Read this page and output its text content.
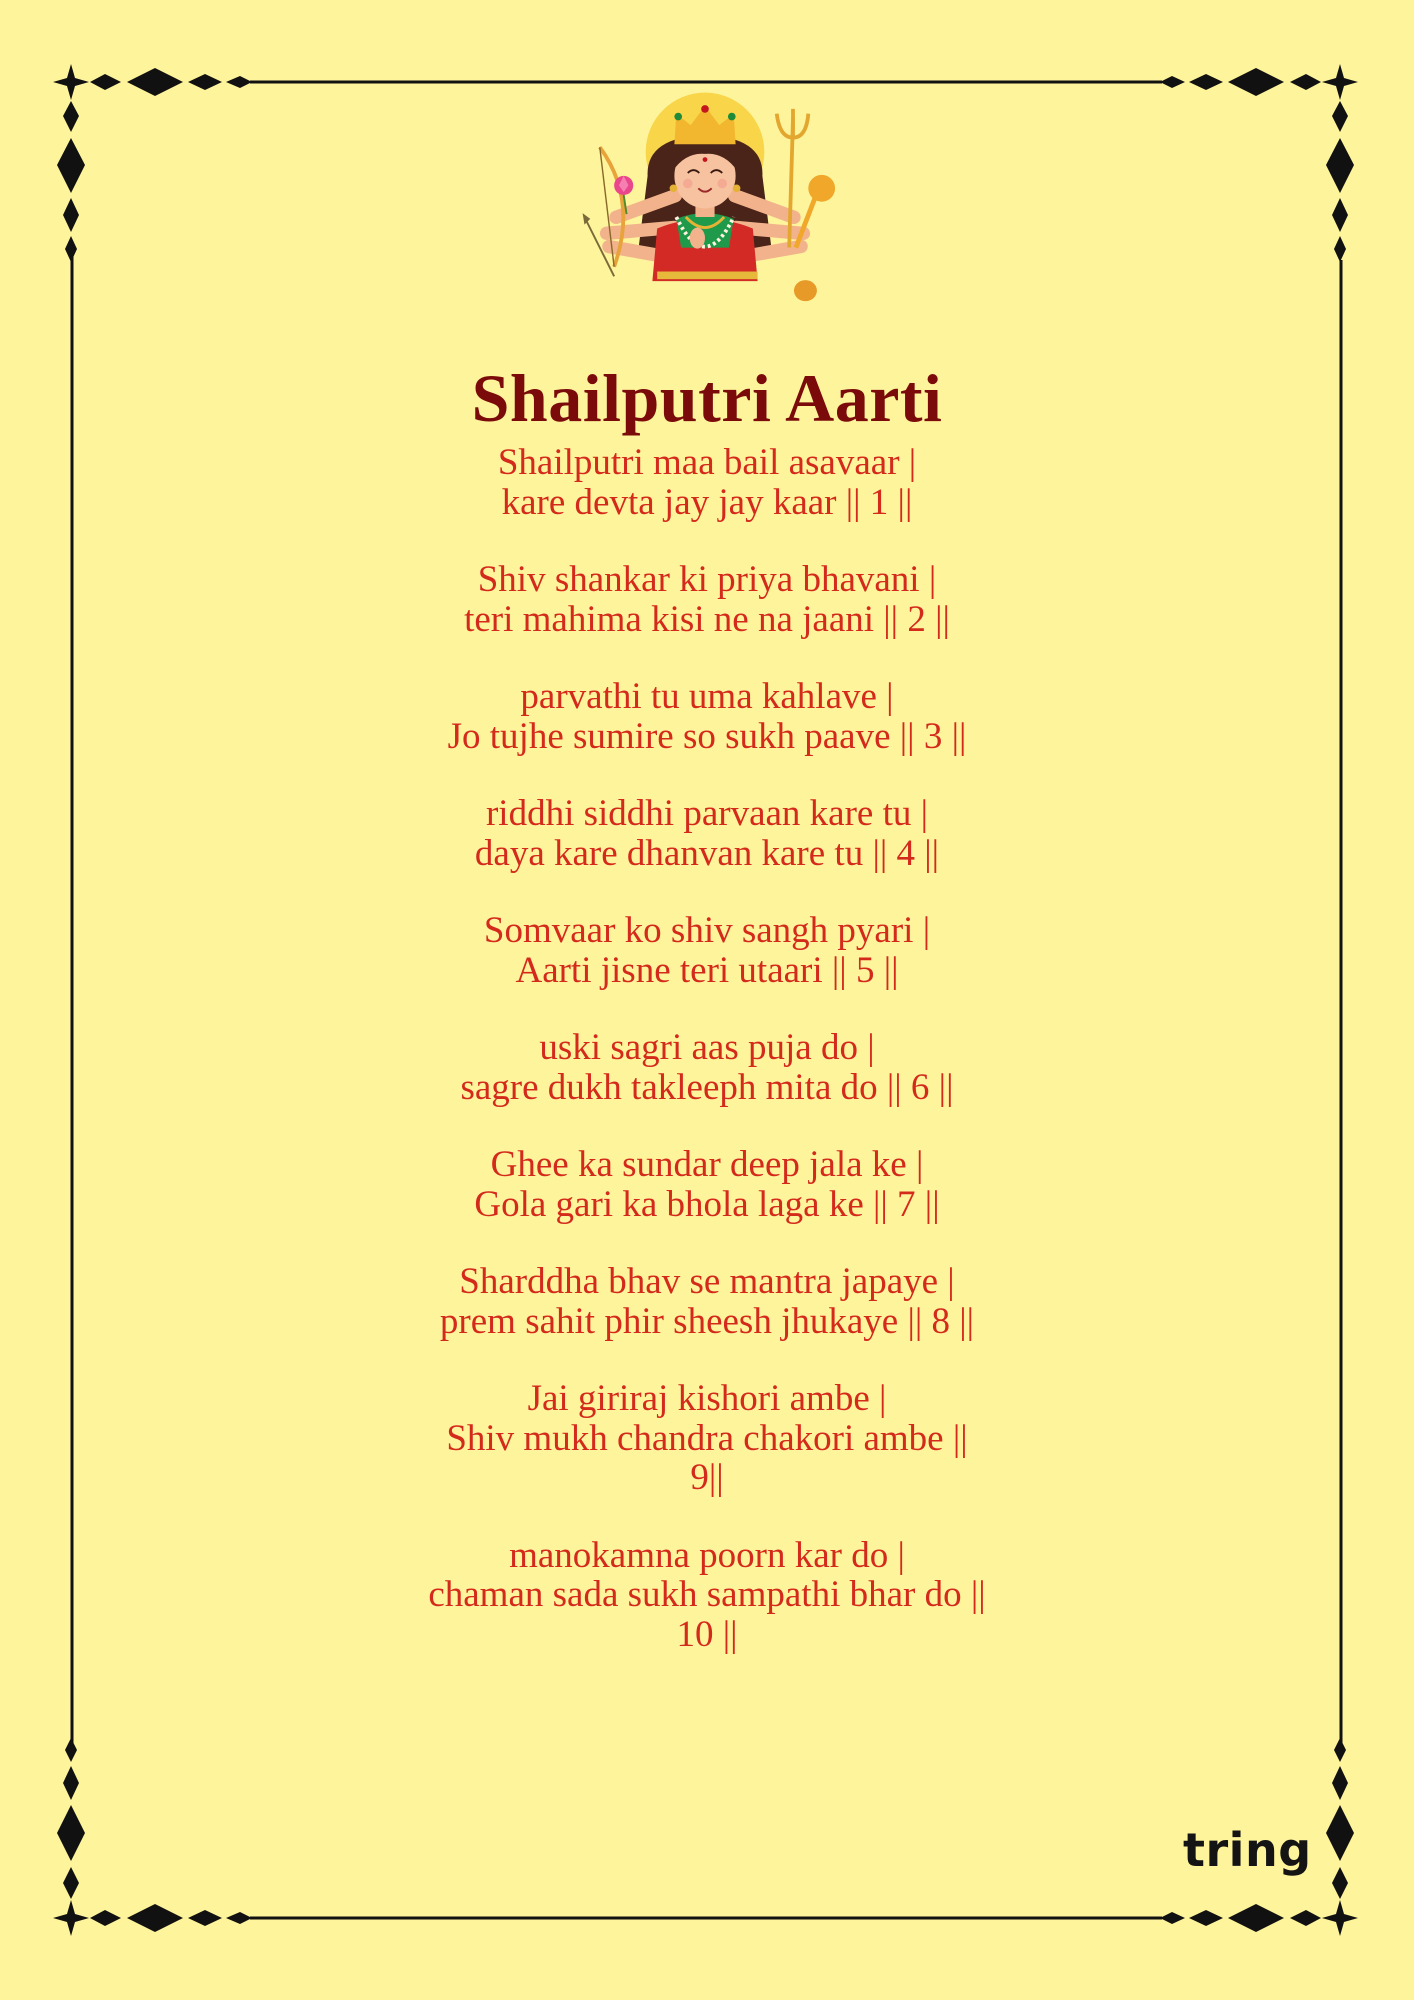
Shailputri Aarti
Shailputri maa bail asavaar |
kare devta jay jay kaar || 1 ||
Shiv shankar ki priya bhavani |
teri mahima kisi ne na jaani || 2 ||
parvathi tu uma kahlave |
Jo tujhe sumire so sukh paave || 3 ||
riddhi siddhi parvaan kare tu |
daya kare dhanvan kare tu || 4 ||
Somvaar ko shiv sangh pyari |
Aarti jisne teri utaari || 5 ||
uski sagri aas puja do |
sagre dukh takleeph mita do || 6 ||
Ghee ka sundar deep jala ke |
Gola gari ka bhola laga ke || 7 ||
Sharddha bhav se mantra japaye |
prem sahit phir sheesh jhukaye || 8 ||
Jai giriraj kishori ambe |
Shiv mukh chandra chakori ambe ||
9||
manokamna poorn kar do |
chaman sada sukh sampathi bhar do ||
10 ||
tring
